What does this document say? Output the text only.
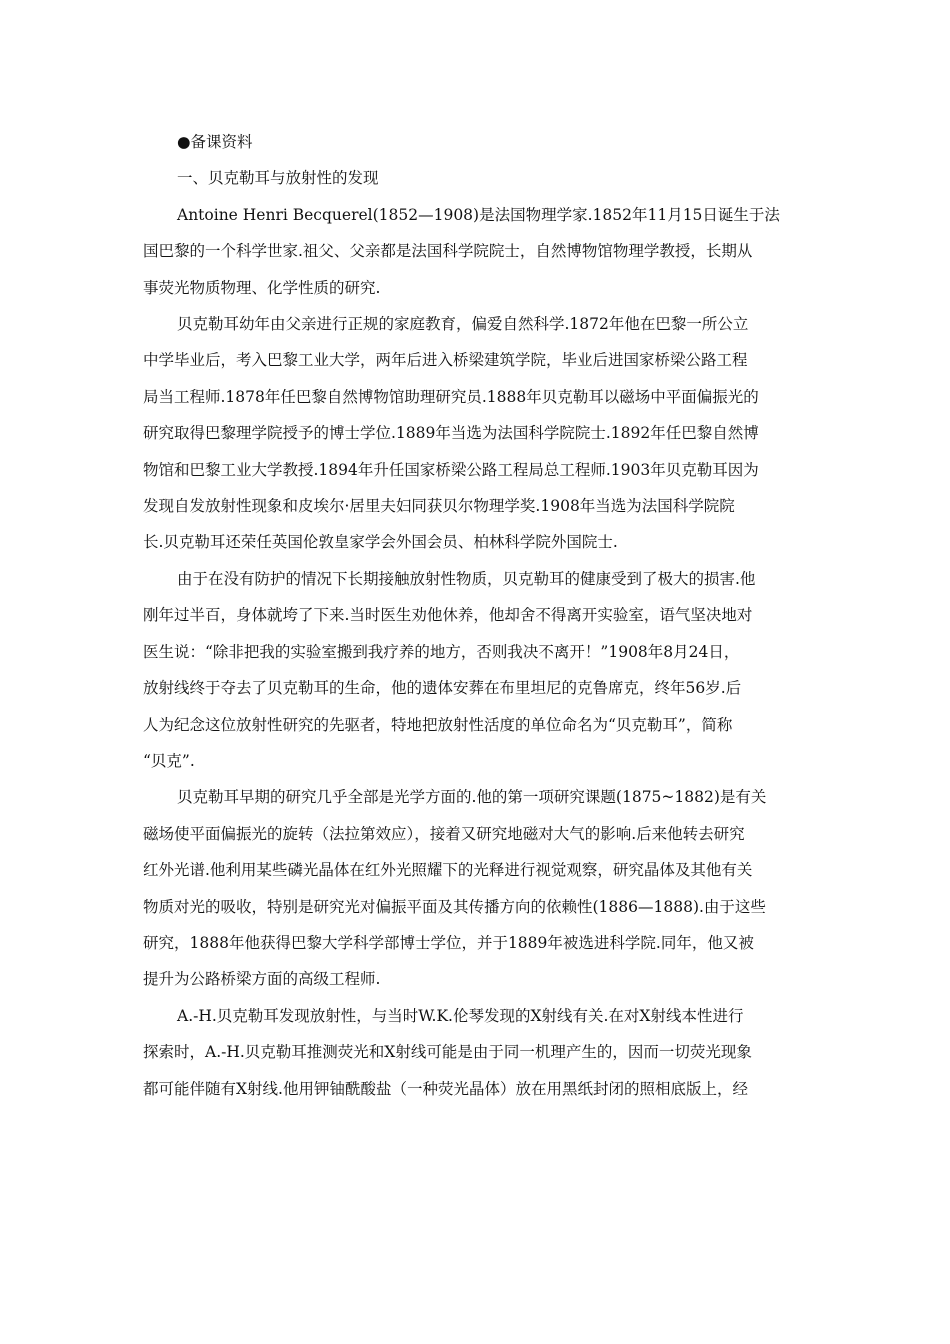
●备课资料

一、贝克勒耳与放射性的发现

Antoine Henri Becquerel(1852—1908)是法国物理学家.1852年11月15日诞生于法

国巴黎的一个科学世家.祖父、父亲都是法国科学院院士，自然博物馆物理学教授，长期从

事荧光物质物理、化学性质的研究.

贝克勒耳幼年由父亲进行正规的家庭教育，偏爱自然科学.1872年他在巴黎一所公立

中学毕业后，考入巴黎工业大学，两年后进入桥梁建筑学院，毕业后进国家桥梁公路工程

局当工程师.1878年任巴黎自然博物馆助理研究员.1888年贝克勒耳以磁场中平面偏振光的

研究取得巴黎理学院授予的博士学位.1889年当选为法国科学院院士.1892年任巴黎自然博

物馆和巴黎工业大学教授.1894年升任国家桥梁公路工程局总工程师.1903年贝克勒耳因为

发现自发放射性现象和皮埃尔·居里夫妇同获贝尔物理学奖.1908年当选为法国科学院院

长.贝克勒耳还荣任英国伦敦皇家学会外国会员、柏林科学院外国院士.

由于在没有防护的情况下长期接触放射性物质，贝克勒耳的健康受到了极大的损害.他

刚年过半百，身体就垮了下来.当时医生劝他休养，他却舍不得离开实验室，语气坚决地对

医生说：“除非把我的实验室搬到我疗养的地方，否则我决不离开！”1908年8月24日，

放射线终于夺去了贝克勒耳的生命，他的遗体安葬在布里坦尼的克鲁席克，终年56岁.后

人为纪念这位放射性研究的先驱者，特地把放射性活度的单位命名为“贝克勒耳”，简称

“贝克”.

贝克勒耳早期的研究几乎全部是光学方面的.他的第一项研究课题(1875~1882)是有关

磁场使平面偏振光的旋转（法拉第效应），接着又研究地磁对大气的影响.后来他转去研究

红外光谱.他利用某些磷光晶体在红外光照耀下的光释进行视觉观察，研究晶体及其他有关

物质对光的吸收，特别是研究光对偏振平面及其传播方向的依赖性(1886—1888).由于这些

研究，1888年他获得巴黎大学科学部博士学位，并于1889年被选进科学院.同年，他又被

提升为公路桥梁方面的高级工程师.

A.-H.贝克勒耳发现放射性，与当时W.K.伦琴发现的X射线有关.在对X射线本性进行

探索时，A.-H.贝克勒耳推测荧光和X射线可能是由于同一机理产生的，因而一切荧光现象

都可能伴随有X射线.他用钾铀酰酸盐（一种荧光晶体）放在用黑纸封闭的照相底版上，经
